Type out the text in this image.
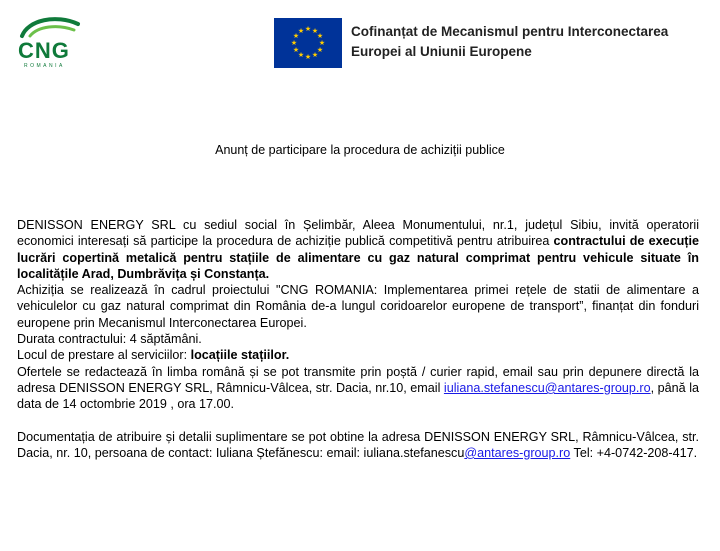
CNG
ROMANIA
★ ★
★
★
★
★
★
★
★
★
★
★	Cofinanțat de Mecanismul pentru Interconectarea
Europei al Uniunii Europene
Anunț de participare la procedura de achiziții publice

DENISSON ENERGY SRL cu sediul social în Șelimbăr, Aleea Monumentului, nr.1, județul Sibiu, invită operatorii economici interesați să participe la procedura de achiziție publică competitivă pentru atribuirea contractului de execuție lucrări copertină metalică pentru stațiile de alimentare cu gaz natural comprimat pentru vehicule situate în localitățile Arad, Dumbrăvița și Constanța.

Achiziția se realizează în cadrul proiectului "CNG ROMANIA: Implementarea primei rețele de statii de alimentare a vehiculelor cu gaz natural comprimat din România de-a lungul coridoarelor europene de transport”, finanțat din fonduri europene prin Mecanismul Interconectarea Europei.

Durata contractului: 4 săptămâni.

Locul de prestare al serviciilor: locațiile stațiilor.

Ofertele se redactează în limba română și se pot transmite prin poștă / curier rapid, email sau prin depunere directă la adresa DENISSON ENERGY SRL, Râmnicu-Vâlcea, str. Dacia, nr.10, email iuliana.stefanescu@antares-group.ro, până la data de 14 octombrie 2019 , ora 17.00.

Documentația de atribuire și detalii suplimentare se pot obtine la adresa DENISSON ENERGY SRL, Râmnicu-Vâlcea, str. Dacia, nr. 10, persoana de contact: Iuliana Ștefănescu: email: iuliana.stefanescu@antares-group.ro Tel: +4-0742-208-417.
